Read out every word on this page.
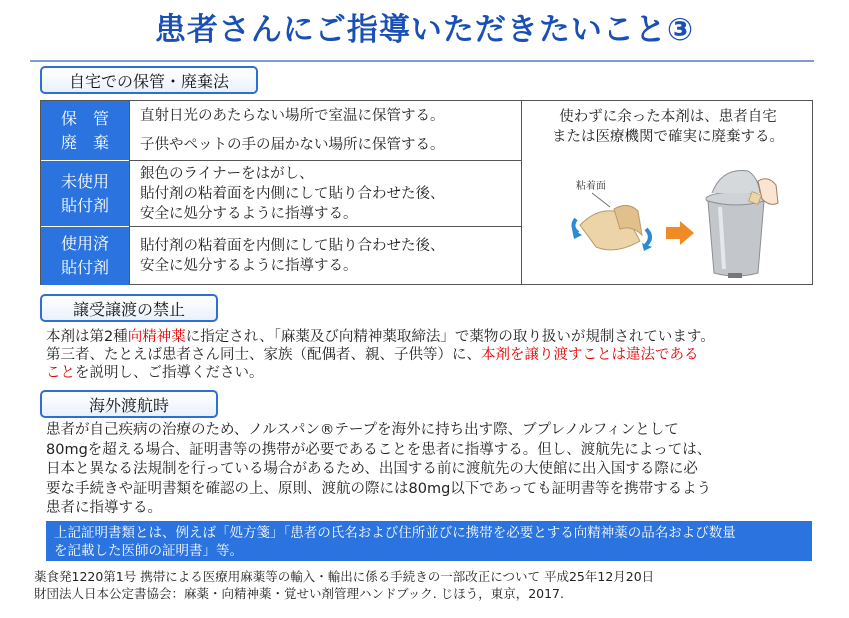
患者さんにご指導いただきたいこと③
自宅での保管・廃棄法
保　管
廃　棄
直射日光のあたらない場所で室温に保管する。
子供やペットの手の届かない場所に保管する。
未使用
貼付剤
銀色のライナーをはがし、
貼付剤の粘着面を内側にして貼り合わせた後、
安全に処分するように指導する。
使用済
貼付剤
貼付剤の粘着面を内側にして貼り合わせた後、
安全に処分するように指導する。
使わずに余った本剤は、患者自宅
または医療機関で確実に廃棄する。
粘着面
譲受譲渡の禁止
本剤は第2種向精神薬に指定され、「麻薬及び向精神薬取締法」で薬物の取り扱いが規制されています。
第三者、たとえば患者さん同士、家族（配偶者、親、子供等）に、本剤を譲り渡すことは違法である
ことを説明し、ご指導ください。
海外渡航時
患者が自己疾病の治療のため、ノルスパン®テープを海外に持ち出す際、ブプレノルフィンとして
80mgを超える場合、証明書等の携帯が必要であることを患者に指導する。但し、渡航先によっては、
日本と異なる法規制を行っている場合があるため、出国する前に渡航先の大使館に出入国する際に必
要な手続きや証明書類を確認の上、原則、渡航の際には80mg以下であっても証明書等を携帯するよう
患者に指導する。
上記証明書類とは、例えば「処方箋」「患者の氏名および住所並びに携帯を必要とする向精神薬の品名および数量
を記載した医師の証明書」等。
薬食発1220第1号 携帯による医療用麻薬等の輸入・輸出に係る手続きの一部改正について 平成25年12月20日
財団法人日本公定書協会：麻薬・向精神薬・覚せい剤管理ハンドブック. じほう，東京，2017.
